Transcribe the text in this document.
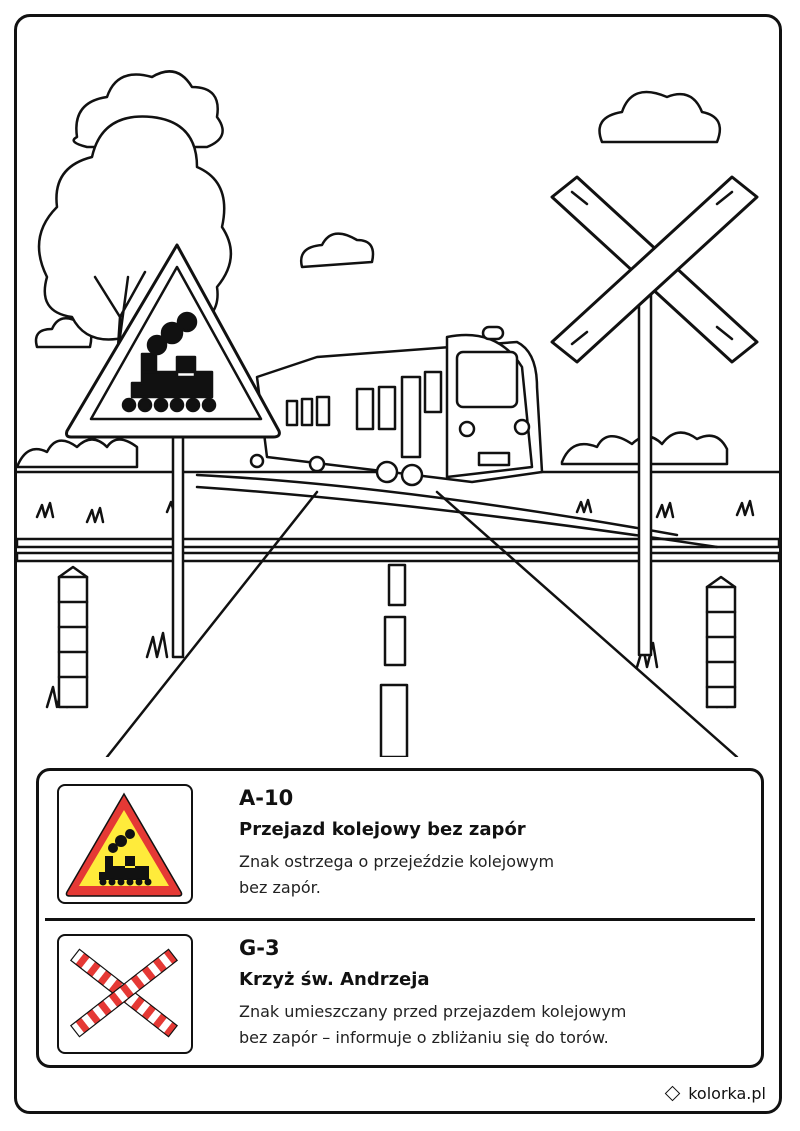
A-10
Przejazd kolejowy bez zapór
Znak ostrzega o przejeździe kolejowym
bez zapór.
G-3
Krzyż św. Andrzeja
Znak umieszczany przed przejazdem kolejowym
bez zapór – informuje o zbliżaniu się do torów.
kolorka.pl
